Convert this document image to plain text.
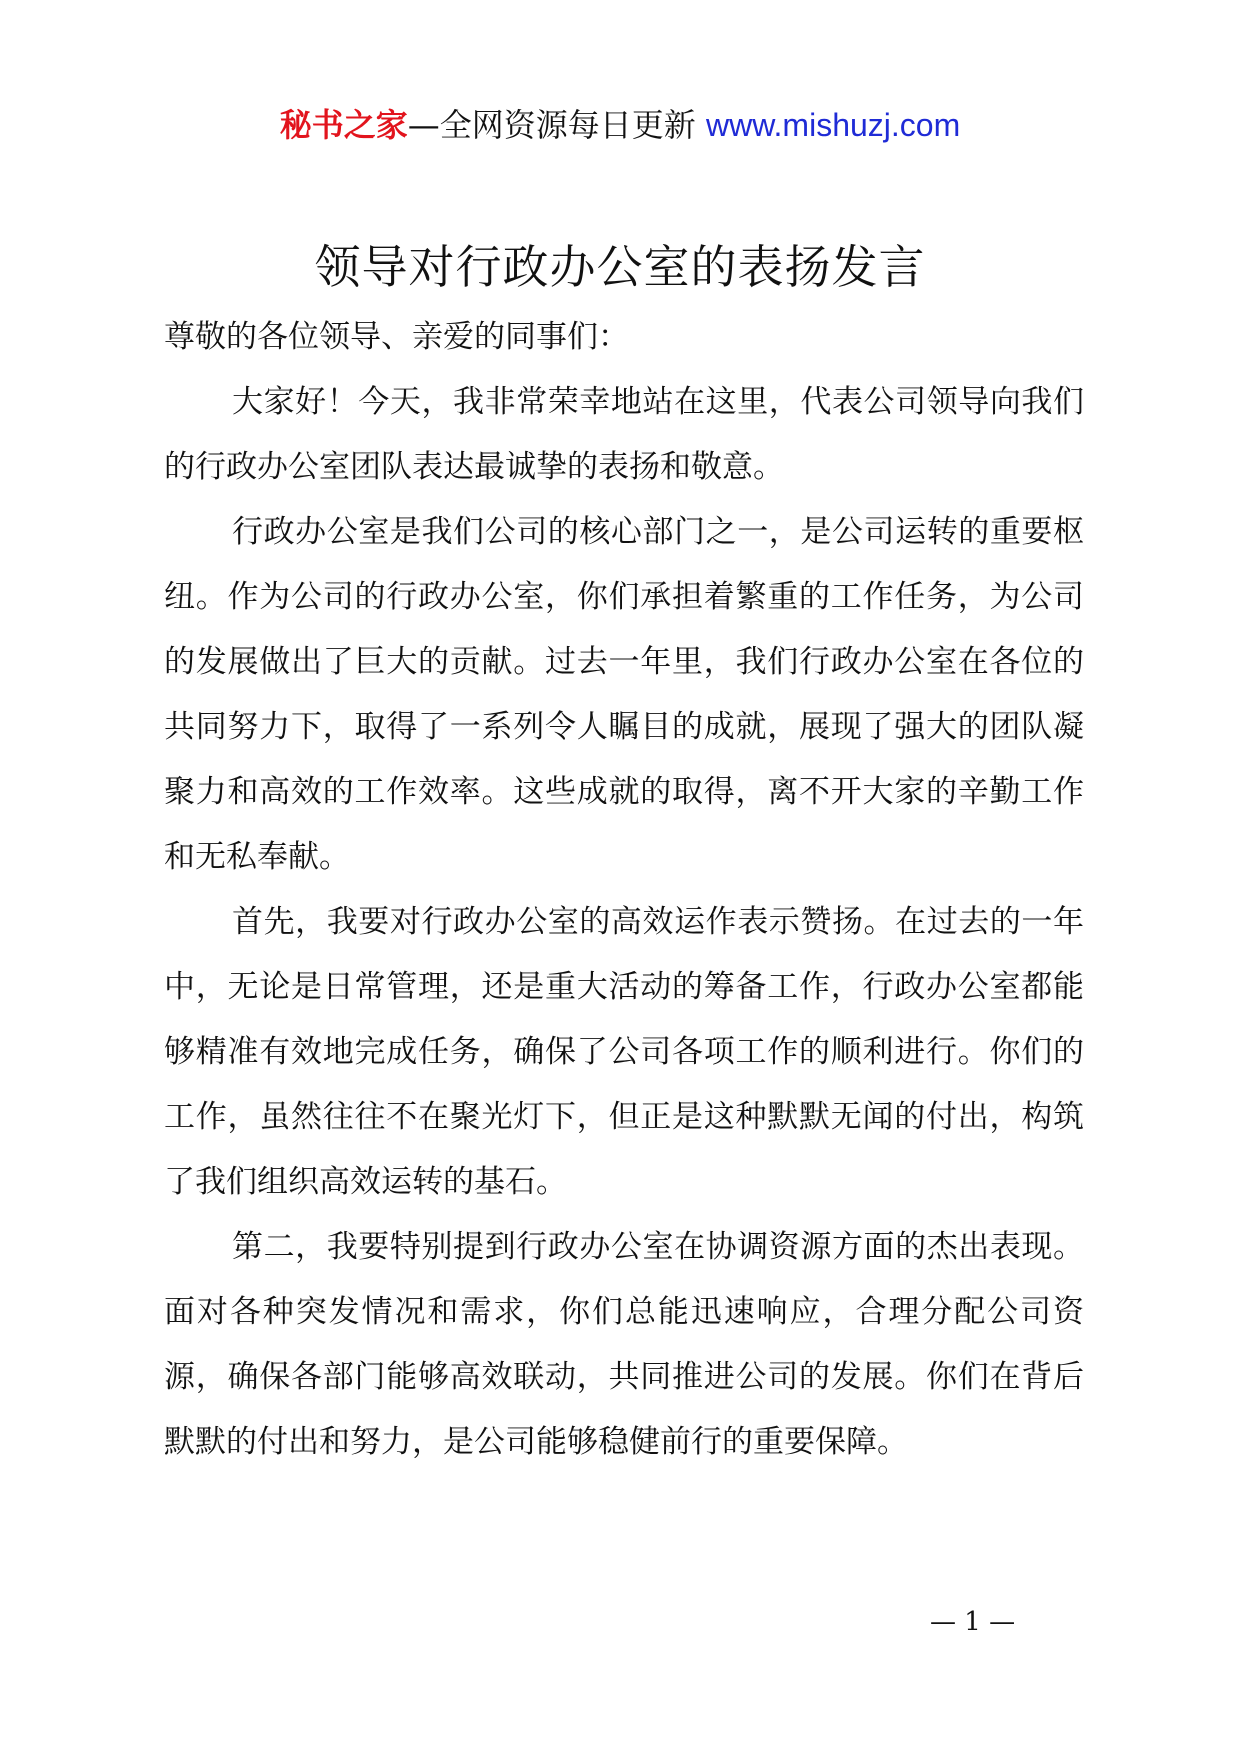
秘书之家—全网资源每日更新 www.mishuzj.com
领导对行政办公室的表扬发言

尊敬的各位领导、亲爱的同事们：

大家好！今天，我非常荣幸地站在这里，代表公司领导向我们的行政办公室团队表达最诚挚的表扬和敬意。

行政办公室是我们公司的核心部门之一，是公司运转的重要枢纽。作为公司的行政办公室，你们承担着繁重的工作任务，为公司的发展做出了巨大的贡献。过去一年里，我们行政办公室在各位的共同努力下，取得了一系列令人瞩目的成就，展现了强大的团队凝聚力和高效的工作效率。这些成就的取得，离不开大家的辛勤工作和无私奉献。

首先，我要对行政办公室的高效运作表示赞扬。在过去的一年中，无论是日常管理，还是重大活动的筹备工作，行政办公室都能够精准有效地完成任务，确保了公司各项工作的顺利进行。你们的工作，虽然往往不在聚光灯下，但正是这种默默无闻的付出，构筑了我们组织高效运转的基石。

第二，我要特别提到行政办公室在协调资源方面的杰出表现。面对各种突发情况和需求，你们总能迅速响应，合理分配公司资源，确保各部门能够高效联动，共同推进公司的发展。你们在背后默默的付出和努力，是公司能够稳健前行的重要保障。

— 1 —
